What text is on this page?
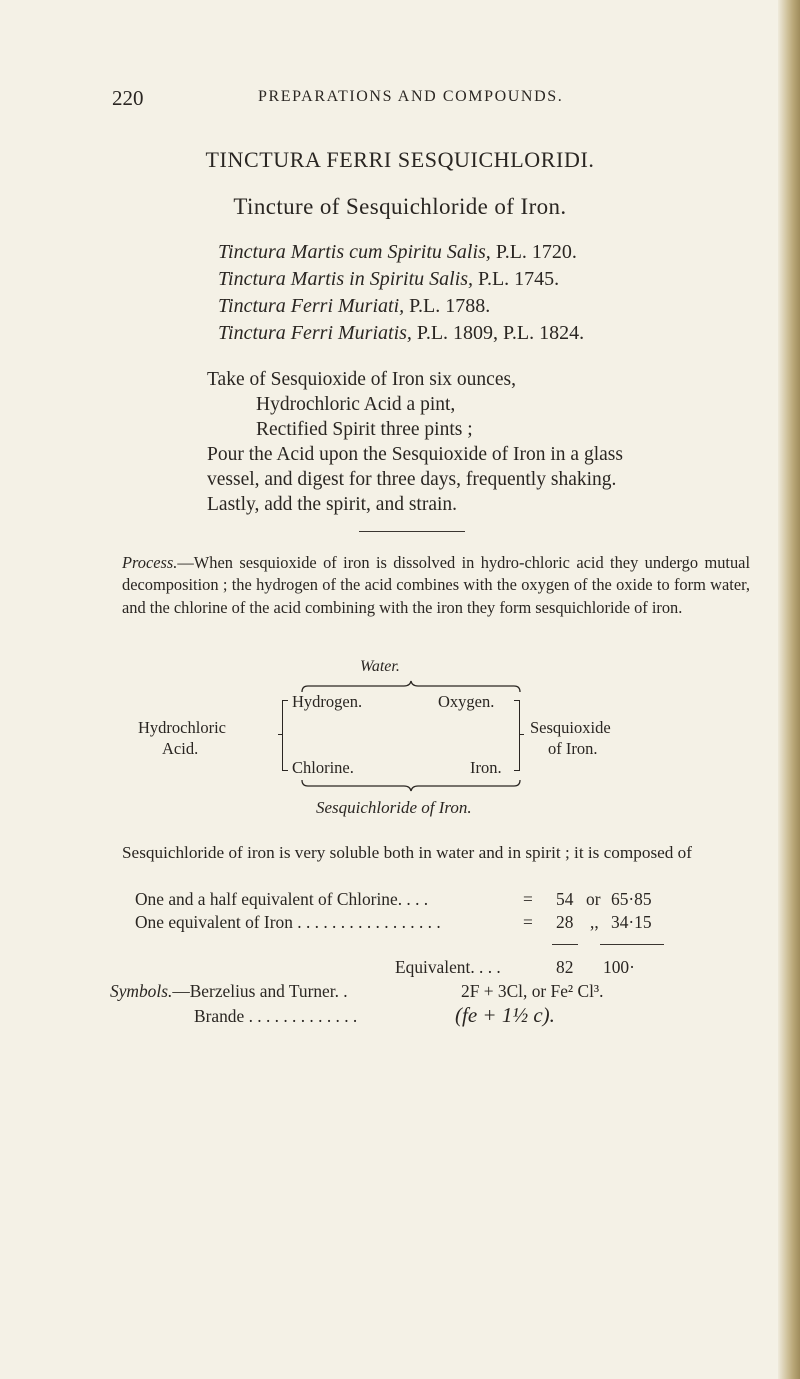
220	PREPARATIONS AND COMPOUNDS.
TINCTURA FERRI SESQUICHLORIDI.
Tincture of Sesquichloride of Iron.
Tinctura Martis cum Spiritu Salis, P.L. 1720.
Tinctura Martis in Spiritu Salis, P.L. 1745.
Tinctura Ferri Muriati, P.L. 1788.
Tinctura Ferri Muriatis, P.L. 1809, P.L. 1824.
Take of Sesquioxide of Iron six ounces,
Hydrochloric Acid a pint,
Rectified Spirit three pints ;
Pour the Acid upon the Sesquioxide of Iron in a glass
vessel, and digest for three days, frequently shaking.
Lastly, add the spirit, and strain.
Process.—When sesquioxide of iron is dissolved in hydro-chloric acid they undergo mutual decomposition ; the hydrogen of the acid combines with the oxygen of the oxide to form water, and the chlorine of the acid combining with the iron they form sesquichloride of iron.
Water.
Hydrochloric
Acid.
Hydrogen.	Oxygen.
Chlorine.	Iron.
Sesquioxide
of Iron.
Sesquichloride of Iron.
Sesquichloride of iron is very soluble both in water and in spirit ; it is composed of
One and a half equivalent of Chlorine. . . .	= 54 or 65·85
One equivalent of Iron . . . . . . . . . . . . . . . . .	= 28 ,, 34·15
Equivalent. . . .	82 100·
Symbols.—Berzelius and Turner. .	2F + 3Cl, or Fe² Cl³.
Brande . . . . . . . . . . . . .	(fe + 1½ c).
